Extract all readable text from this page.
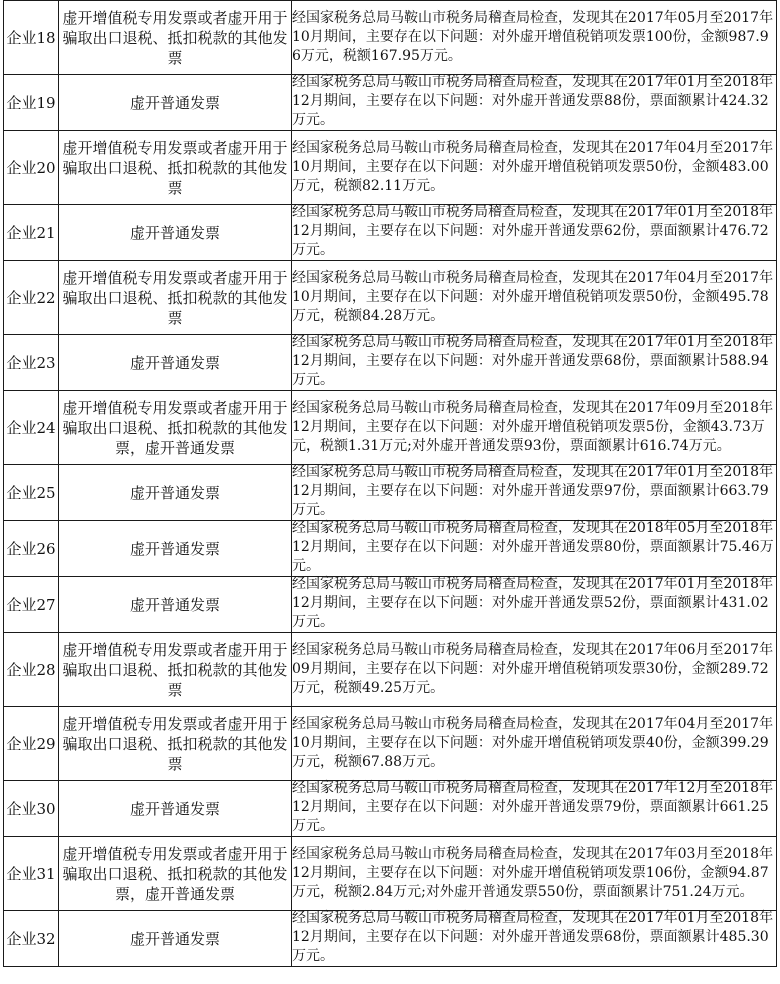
企业18	虚开增值税专用发票或者虚开用于骗取出口退税、抵扣税款的其他发票	经国家税务总局马鞍山市税务局稽查局检查，发现其在2017年05月至2017年10月期间，主要存在以下问题：对外虚开增值税销项发票100份，金额987.96万元，税额167.95万元。

企业19	虚开普通发票	经国家税务总局马鞍山市税务局稽查局检查，发现其在2017年01月至2018年12月期间，主要存在以下问题：对外虚开普通发票88份，票面额累计424.32万元。

企业20	虚开增值税专用发票或者虚开用于骗取出口退税、抵扣税款的其他发票	经国家税务总局马鞍山市税务局稽查局检查，发现其在2017年04月至2017年10月期间，主要存在以下问题：对外虚开增值税销项发票50份，金额483.00万元，税额82.11万元。

企业21	虚开普通发票	经国家税务总局马鞍山市税务局稽查局检查，发现其在2017年01月至2018年12月期间，主要存在以下问题：对外虚开普通发票62份，票面额累计476.72万元。

企业22	虚开增值税专用发票或者虚开用于骗取出口退税、抵扣税款的其他发票	经国家税务总局马鞍山市税务局稽查局检查，发现其在2017年04月至2017年10月期间，主要存在以下问题：对外虚开增值税销项发票50份，金额495.78万元，税额84.28万元。

企业23	虚开普通发票	经国家税务总局马鞍山市税务局稽查局检查，发现其在2017年01月至2018年12月期间，主要存在以下问题：对外虚开普通发票68份，票面额累计588.94万元。

企业24	虚开增值税专用发票或者虚开用于骗取出口退税、抵扣税款的其他发票，虚开普通发票	经国家税务总局马鞍山市税务局稽查局检查，发现其在2017年09月至2018年12月期间，主要存在以下问题：对外虚开增值税销项发票5份，金额43.73万元，税额1.31万元;对外虚开普通发票93份，票面额累计616.74万元。

企业25	虚开普通发票	经国家税务总局马鞍山市税务局稽查局检查，发现其在2017年01月至2018年12月期间，主要存在以下问题：对外虚开普通发票97份，票面额累计663.79万元。

企业26	虚开普通发票	经国家税务总局马鞍山市税务局稽查局检查，发现其在2018年05月至2018年12月期间，主要存在以下问题：对外虚开普通发票80份，票面额累计75.46万元。

企业27	虚开普通发票	经国家税务总局马鞍山市税务局稽查局检查，发现其在2017年01月至2018年12月期间，主要存在以下问题：对外虚开普通发票52份，票面额累计431.02万元。

企业28	虚开增值税专用发票或者虚开用于骗取出口退税、抵扣税款的其他发票	经国家税务总局马鞍山市税务局稽查局检查，发现其在2017年06月至2017年09月期间，主要存在以下问题：对外虚开增值税销项发票30份，金额289.72万元，税额49.25万元。

企业29	虚开增值税专用发票或者虚开用于骗取出口退税、抵扣税款的其他发票	经国家税务总局马鞍山市税务局稽查局检查，发现其在2017年04月至2017年10月期间，主要存在以下问题：对外虚开增值税销项发票40份，金额399.29万元，税额67.88万元。

企业30	虚开普通发票	经国家税务总局马鞍山市税务局稽查局检查，发现其在2017年12月至2018年12月期间，主要存在以下问题：对外虚开普通发票79份，票面额累计661.25万元。

企业31	虚开增值税专用发票或者虚开用于骗取出口退税、抵扣税款的其他发票，虚开普通发票	经国家税务总局马鞍山市税务局稽查局检查，发现其在2017年03月至2018年12月期间，主要存在以下问题：对外虚开增值税销项发票106份，金额94.87万元，税额2.84万元;对外虚开普通发票550份，票面额累计751.24万元。

企业32	虚开普通发票	经国家税务总局马鞍山市税务局稽查局检查，发现其在2017年01月至2018年12月期间，主要存在以下问题：对外虚开普通发票68份，票面额累计485.30万元。
